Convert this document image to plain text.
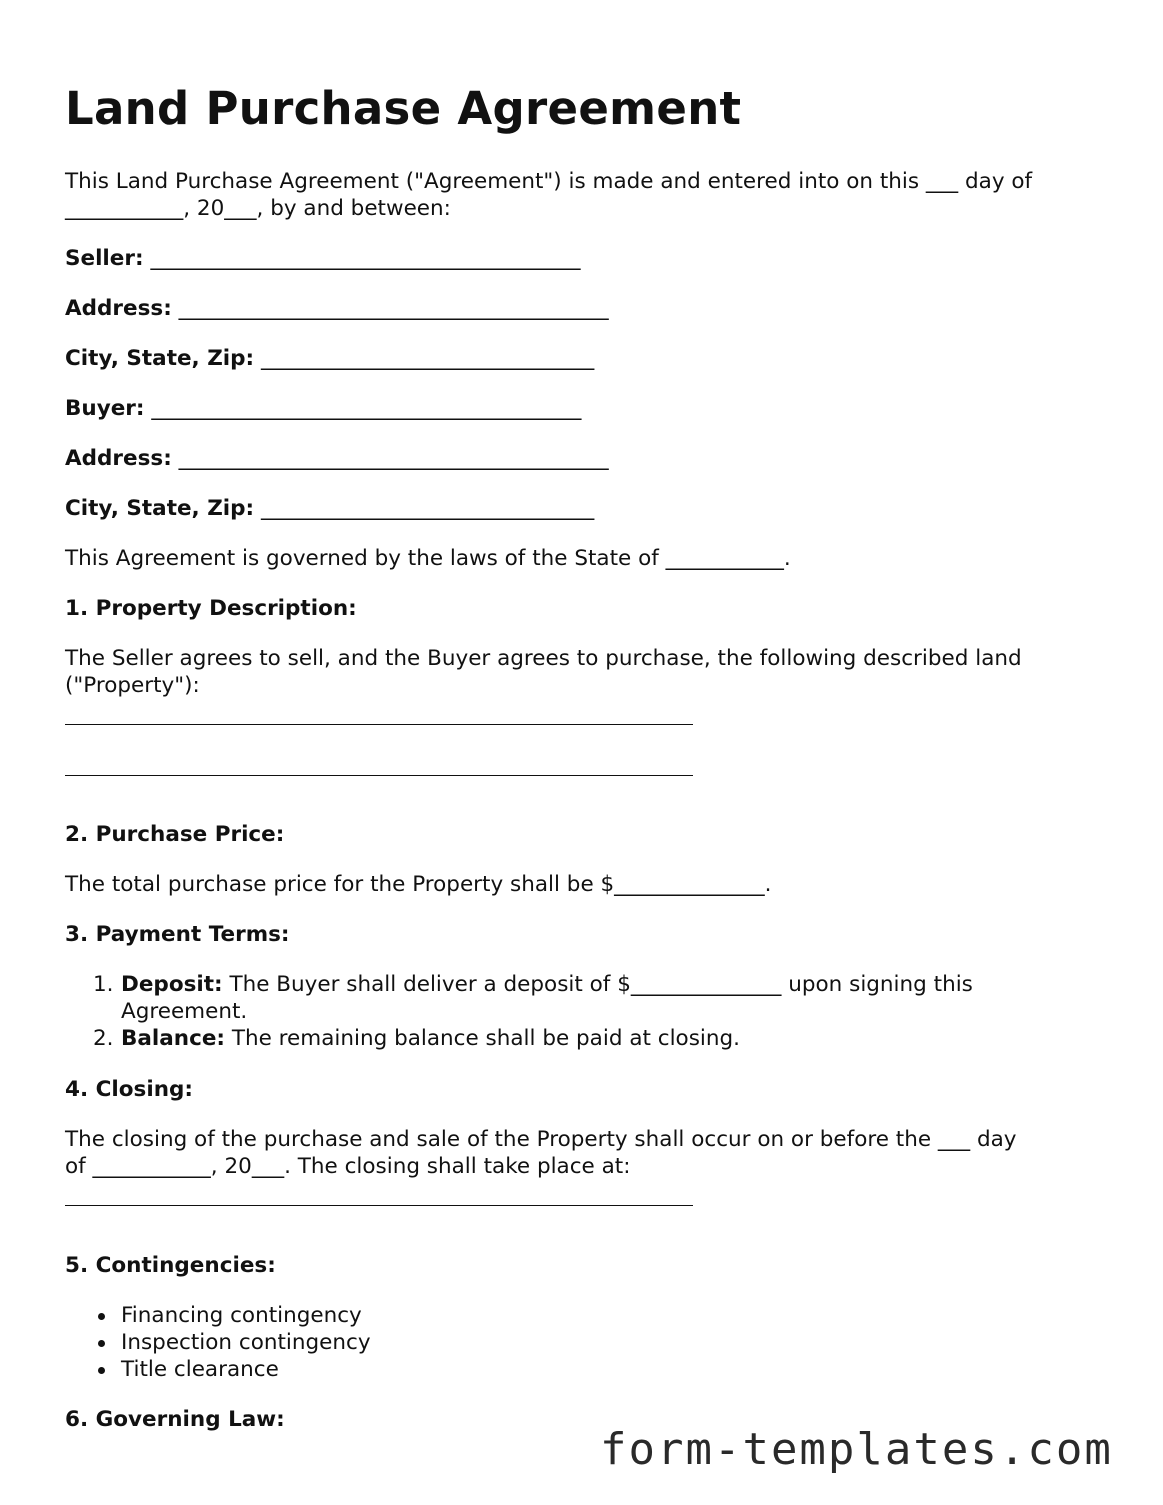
Land Purchase Agreement

This Land Purchase Agreement ("Agreement") is made and entered into on this ___ day of
___________, 20___, by and between:

Seller: ________________________________________

Address: ________________________________________

City, State, Zip: _______________________________

Buyer: ________________________________________

Address: ________________________________________

City, State, Zip: _______________________________

This Agreement is governed by the laws of the State of ___________.

1. Property Description:

The Seller agrees to sell, and the Buyer agrees to purchase, the following described land
("Property"):

2. Purchase Price:

The total purchase price for the Property shall be $______________.

3. Payment Terms:

1. Deposit: The Buyer shall deliver a deposit of $______________ upon signing this Agreement.
2. Balance: The remaining balance shall be paid at closing.

4. Closing:

The closing of the purchase and sale of the Property shall occur on or before the ___ day
of ___________, 20___. The closing shall take place at:

5. Contingencies:

Financing contingency
Inspection contingency
Title clearance

6. Governing Law:

form-templates.com
